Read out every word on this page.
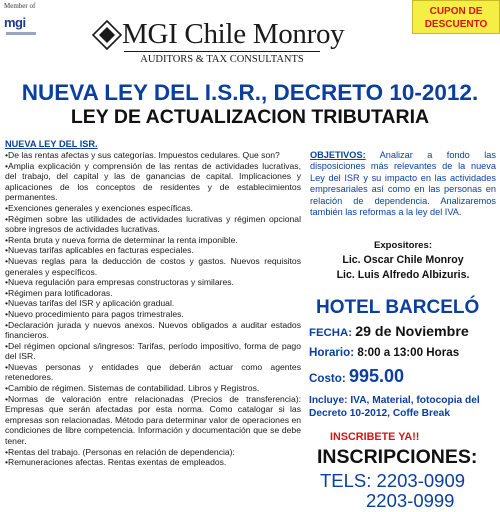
Member of
mgi	MGI Chile Monroy
AUDITORS & TAX CONSULTANTS
CUPON DE DESCUENTO
NUEVA LEY DEL I.S.R., DECRETO 10-2012.
LEY DE ACTUALIZACION TRIBUTARIA
NUEVA LEY DEL ISR.
•De las rentas afectas y sus categorías. Impuestos cedulares. Que son?
•Amplia explicación y comprensión de las rentas de actividades lucrativas, del trabajo, del capital y las de ganancias de capital. Implicaciones y aplicaciones de los conceptos de residentes y de establecimientos permanentes.
•Exenciones generales y exenciones específicas.
•Régimen sobre las utilidades de actividades lucrativas y régimen opcional sobre ingresos de actividades lucrativas.
•Renta bruta y nueva forma de determinar la renta imponible.
•Nuevas tarifas aplicables en facturas especiales.
•Nuevas reglas para la deducción de costos y gastos. Nuevos requisitos generales y específicos.
•Nueva regulación para empresas constructoras y similares.
•Régimen para lotificadoras.
•Nuevas tarifas del ISR y aplicación gradual.
•Nuevo procedimiento para pagos trimestrales.
•Declaración jurada y nuevos anexos. Nuevos obligados a auditar estados financieros.
•Del régimen opcional s/ingresos: Tarifas, período impositivo, forma de pago del ISR.
•Nuevas personas y entidades que deberán actuar como agentes retenedores.
•Cambio de régimen. Sistemas de contabilidad. Libros y Registros.
•Normas de valoración entre relacionadas (Precios de transferencia): Empresas que serán afectadas por esta norma. Como catalogar si las empresas son relacionadas. Método para determinar valor de operaciones en condiciones de libre competencia. Información y documentación que se debe tener.
•Rentas del trabajo. (Personas en relación de dependencia):
•Remuneraciones afectas. Rentas exentas de empleados.
OBJETIVOS: Analizar a fondo las disposiciones más relevantes de la nueva Ley del ISR y su impacto en las actividades empresariales así como en las personas en relación de dependencia. Analizaremos también las reformas a la ley del IVA.
Expositores:
Lic. Oscar Chile Monroy
Lic. Luis Alfredo Albizuris.
HOTEL BARCELÓ
FECHA: 29 de Noviembre
Horario: 8:00 a 13:00 Horas
Costo: 995.00
Incluye: IVA, Material, fotocopia del Decreto 10-2012, Coffe Break
INSCRIBETE YA!!
INSCRIPCIONES:
TELS: 2203-0909
2203-0999
